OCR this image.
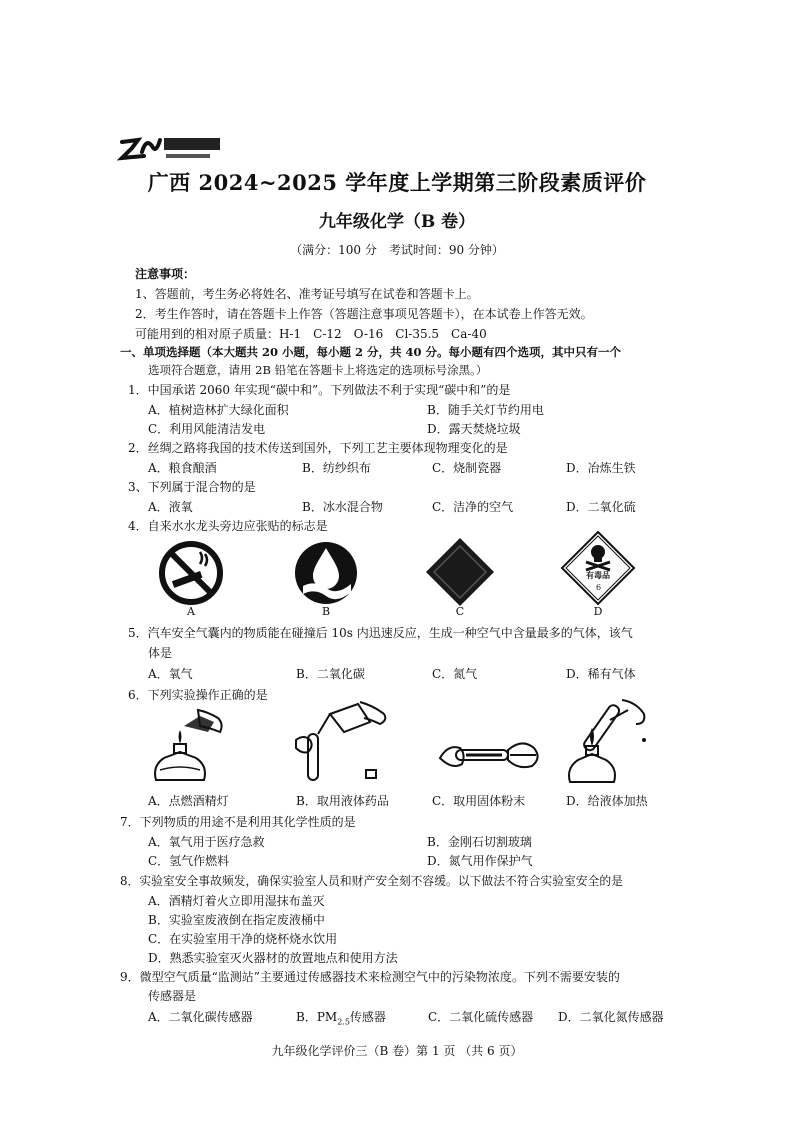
广西 2024~2025 学年度上学期第三阶段素质评价
九年级化学（B 卷）
（满分：100 分　考试时间：90 分钟）
注意事项：
1、答题前，考生务必将姓名、准考证号填写在试卷和答题卡上。
2．考生作答时，请在答题卡上作答（答题注意事项见答题卡），在本试卷上作答无效。
可能用到的相对原子质量：H-1　C-12　O-16　Cl-35.5　Ca-40
一、单项选择题（本大题共 20 小题，每小题 2 分，共 40 分。每小题有四个选项，其中只有一个
选项符合题意，请用 2B 铅笔在答题卡上将选定的选项标号涂黑。）
1．中国承诺 2060 年实现“碳中和”。下列做法不利于实现“碳中和”的是
A．植树造林扩大绿化面积	B．随手关灯节约用电
C．利用风能清洁发电	D．露天焚烧垃圾
2．丝绸之路将我国的技术传送到国外，下列工艺主要体现物理变化的是
A．粮食酿酒	B．纺纱织布	C．烧制瓷器	D．冶炼生铁
3、下列属于混合物的是
A．液氧	B．冰水混合物	C．洁净的空气	D．二氧化硫
4．自来水水龙头旁边应张贴的标志是
A	B	C
有毒品
6
D
5．汽车安全气囊内的物质能在碰撞后 10s 内迅速反应，生成一种空气中含量最多的气体，该气
体是
A．氧气	B．二氧化碳	C．氮气	D．稀有气体
6．下列实验操作正确的是
A．点燃酒精灯	B．取用液体药品	C．取用固体粉末	D．给液体加热
7．下列物质的用途不是利用其化学性质的是
A．氧气用于医疗急救	B．金刚石切割玻璃
C．氢气作燃料	D．氮气用作保护气
8．实验室安全事故频发，确保实验室人员和财产安全刻不容缓。以下做法不符合实验室安全的是
A．酒精灯着火立即用湿抹布盖灭
B．实验室废液倒在指定废液桶中
C．在实验室用干净的烧杯烧水饮用
D．熟悉实验室灭火器材的放置地点和使用方法
9．微型空气质量“监测站”主要通过传感器技术来检测空气中的污染物浓度。下列不需要安装的
传感器是
A．二氧化碳传感器	B．$PM_{2.5}$传感器	C．二氧化硫传感器 D．二氧化氮传感器
九年级化学评价三（B 卷）第 1 页 （共 6 页）
